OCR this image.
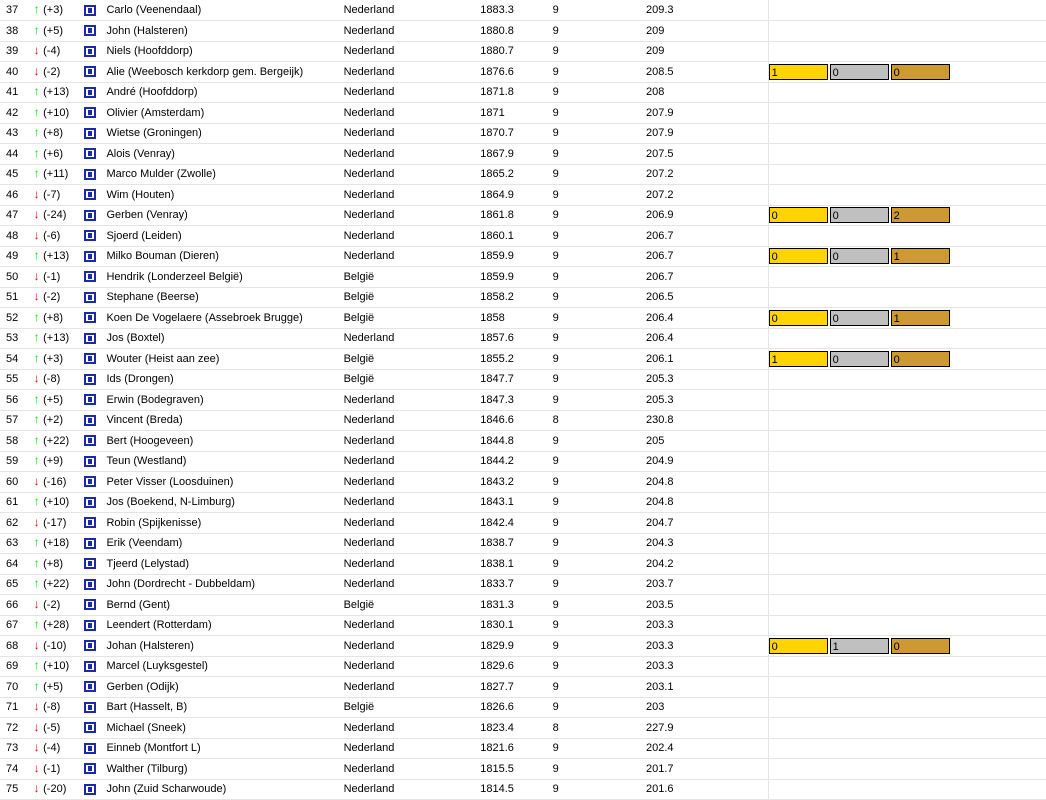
37	↑ (+3)		Carlo (Veenendaal)	Nederland	1883.3	9	209.3	
38	↑ (+5)		John (Halsteren)	Nederland	1880.8	9	209	
39	↓ (-4)		Niels (Hoofddorp)	Nederland	1880.7	9	209	
40	↓ (-2)		Alie (Weebosch kerkdorp gem. Bergeijk)	Nederland	1876.6	9	208.5	1 0 0
41	↑ (+13)		André (Hoofddorp)	Nederland	1871.8	9	208	
42	↑ (+10)		Olivier (Amsterdam)	Nederland	1871	9	207.9	
43	↑ (+8)		Wietse (Groningen)	Nederland	1870.7	9	207.9	
44	↑ (+6)		Alois (Venray)	Nederland	1867.9	9	207.5	
45	↑ (+11)		Marco Mulder (Zwolle)	Nederland	1865.2	9	207.2	
46	↓ (-7)		Wim (Houten)	Nederland	1864.9	9	207.2	
47	↓ (-24)		Gerben (Venray)	Nederland	1861.8	9	206.9	0 0 2
48	↓ (-6)		Sjoerd (Leiden)	Nederland	1860.1	9	206.7	
49	↑ (+13)		Milko Bouman (Dieren)	Nederland	1859.9	9	206.7	0 0 1
50	↓ (-1)		Hendrik (Londerzeel België)	België	1859.9	9	206.7	
51	↓ (-2)		Stephane (Beerse)	België	1858.2	9	206.5	
52	↑ (+8)		Koen De Vogelaere (Assebroek Brugge)	België	1858	9	206.4	0 0 1
53	↑ (+13)		Jos (Boxtel)	Nederland	1857.6	9	206.4	
54	↑ (+3)		Wouter (Heist aan zee)	België	1855.2	9	206.1	1 0 0
55	↓ (-8)		Ids (Drongen)	België	1847.7	9	205.3	
56	↑ (+5)		Erwin (Bodegraven)	Nederland	1847.3	9	205.3	
57	↑ (+2)		Vincent (Breda)	Nederland	1846.6	8	230.8	
58	↑ (+22)		Bert (Hoogeveen)	Nederland	1844.8	9	205	
59	↑ (+9)		Teun (Westland)	Nederland	1844.2	9	204.9	
60	↓ (-16)		Peter Visser (Loosduinen)	Nederland	1843.2	9	204.8	
61	↑ (+10)		Jos (Boekend, N-Limburg)	Nederland	1843.1	9	204.8	
62	↓ (-17)		Robin (Spijkenisse)	Nederland	1842.4	9	204.7	
63	↑ (+18)		Erik (Veendam)	Nederland	1838.7	9	204.3	
64	↑ (+8)		Tjeerd (Lelystad)	Nederland	1838.1	9	204.2	
65	↑ (+22)		John (Dordrecht - Dubbeldam)	Nederland	1833.7	9	203.7	
66	↓ (-2)		Bernd (Gent)	België	1831.3	9	203.5	
67	↑ (+28)		Leendert (Rotterdam)	Nederland	1830.1	9	203.3	
68	↓ (-10)		Johan (Halsteren)	Nederland	1829.9	9	203.3	0 1 0
69	↑ (+10)		Marcel (Luyksgestel)	Nederland	1829.6	9	203.3	
70	↑ (+5)		Gerben (Odijk)	Nederland	1827.7	9	203.1	
71	↓ (-8)		Bart (Hasselt, B)	België	1826.6	9	203	
72	↓ (-5)		Michael (Sneek)	Nederland	1823.4	8	227.9	
73	↓ (-4)		Einneb (Montfort L)	Nederland	1821.6	9	202.4	
74	↓ (-1)		Walther (Tilburg)	Nederland	1815.5	9	201.7	
75	↓ (-20)		John (Zuid Scharwoude)	Nederland	1814.5	9	201.6	
